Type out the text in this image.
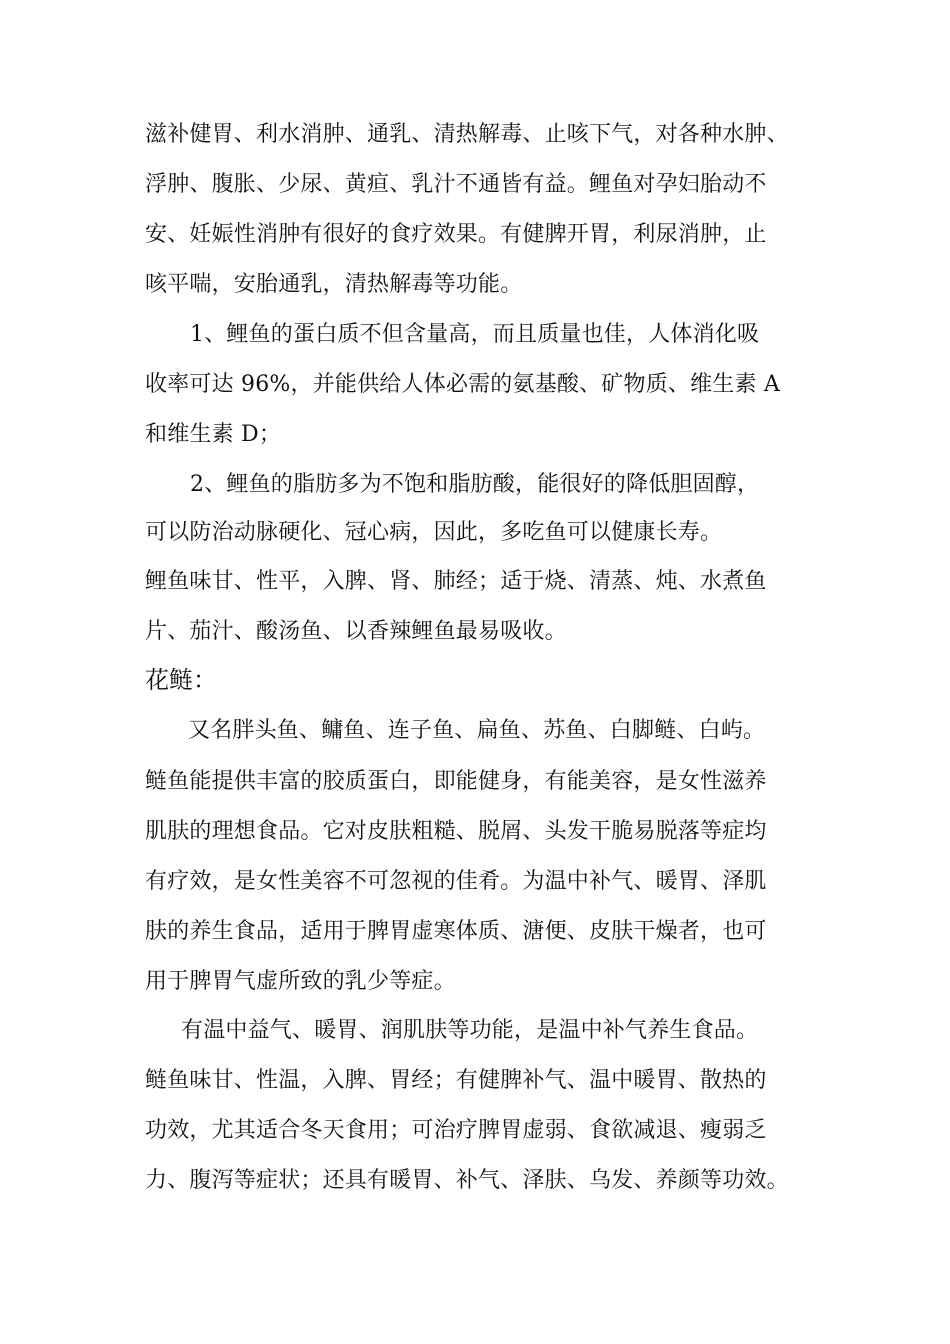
滋补健胃、利水消肿、通乳、清热解毒、止咳下气，对各种水肿、
浮肿、腹胀、少尿、黄疸、乳汁不通皆有益。鲤鱼对孕妇胎动不
安、妊娠性消肿有很好的食疗效果。有健脾开胃，利尿消肿，止
咳平喘，安胎通乳，清热解毒等功能。
1、鲤鱼的蛋白质不但含量高，而且质量也佳，人体消化吸
收率可达 96%，并能供给人体必需的氨基酸、矿物质、维生素 A
和维生素 D；
2、鲤鱼的脂肪多为不饱和脂肪酸，能很好的降低胆固醇，
可以防治动脉硬化、冠心病，因此，多吃鱼可以健康长寿。
鲤鱼味甘、性平，入脾、肾、肺经；适于烧、清蒸、炖、水煮鱼
片、茄汁、酸汤鱼、以香辣鲤鱼最易吸收。
花鲢：
又名胖头鱼、鳙鱼、连子鱼、扁鱼、苏鱼、白脚鲢、白屿。
鲢鱼能提供丰富的胶质蛋白，即能健身，有能美容，是女性滋养
肌肤的理想食品。它对皮肤粗糙、脱屑、头发干脆易脱落等症均
有疗效，是女性美容不可忽视的佳肴。为温中补气、暖胃、泽肌
肤的养生食品，适用于脾胃虚寒体质、溏便、皮肤干燥者，也可
用于脾胃气虚所致的乳少等症。
有温中益气、暖胃、润肌肤等功能，是温中补气养生食品。
鲢鱼味甘、性温，入脾、胃经；有健脾补气、温中暖胃、散热的
功效，尤其适合冬天食用；可治疗脾胃虚弱、食欲减退、瘦弱乏
力、腹泻等症状；还具有暖胃、补气、泽肤、乌发、养颜等功效。
